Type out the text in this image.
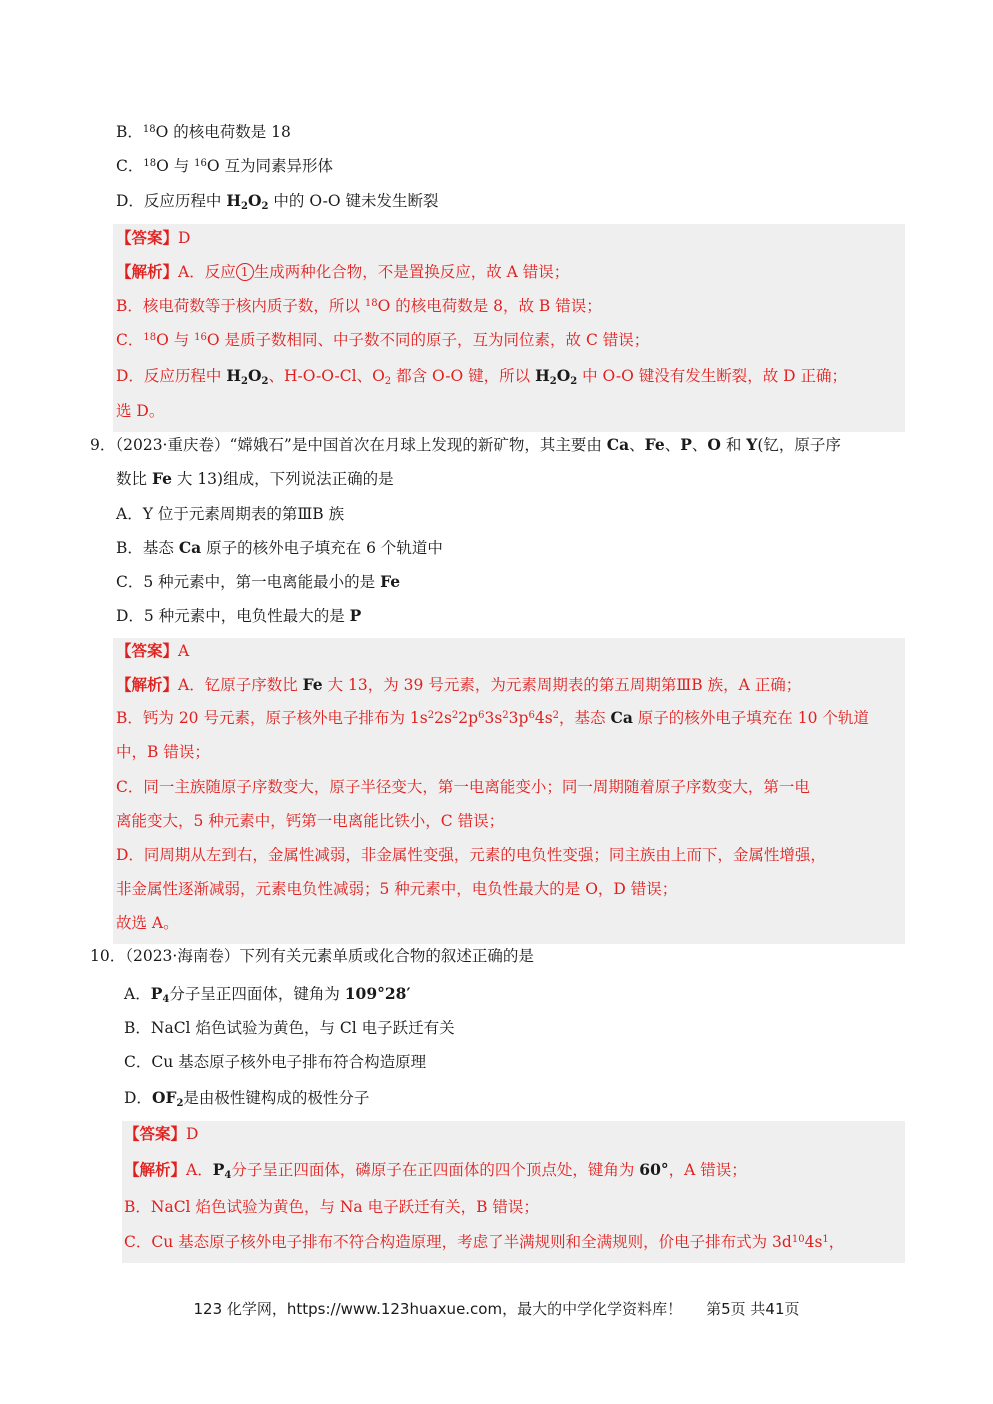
B．$^{18}$O 的核电荷数是 18
C．$^{18}$O 与 $^{16}$O 互为同素异形体
D．反应历程中 $H_2O_2$ 中的 O-O 键未发生断裂
【答案】D
【解析】A．反应 1 生成两种化合物，不是置换反应，故 A 错误；
B．核电荷数等于核内质子数，所以 $^{18}$O 的核电荷数是 8，故 B 错误；
C．$^{18}$O 与 $^{16}$O 是质子数相同、中子数不同的原子，互为同位素，故 C 错误；
D．反应历程中 $H_2O_2$、H-O-O-Cl、$O_2$ 都含 O-O 键，所以 $H_2O_2$ 中 O-O 键没有发生断裂，故 D 正确；
选 D。
9．（2023·重庆卷）“嫦娥石”是中国首次在月球上发现的新矿物，其主要由 Ca、Fe、P、O 和 Y(钇，原子序
数比 Fe 大 13)组成，下列说法正确的是
A．Y 位于元素周期表的第ⅢB 族
B．基态 Ca 原子的核外电子填充在 6 个轨道中
C．5 种元素中，第一电离能最小的是 Fe
D．5 种元素中，电负性最大的是 P
【答案】A
【解析】A．钇原子序数比 Fe 大 13，为 39 号元素，为元素周期表的第五周期第ⅢB 族，A 正确；
B．钙为 20 号元素，原子核外电子排布为 $1s^22s^22p^63s^23p^64s^2$，基态 Ca 原子的核外电子填充在 10 个轨道
中，B 错误；
C．同一主族随原子序数变大，原子半径变大，第一电离能变小；同一周期随着原子序数变大，第一电
离能变大，5 种元素中，钙第一电离能比铁小，C 错误；
D．同周期从左到右，金属性减弱，非金属性变强，元素的电负性变强；同主族由上而下，金属性增强，
非金属性逐渐减弱，元素电负性减弱；5 种元素中，电负性最大的是 O，D 错误；
故选 A。
10．（2023·海南卷）下列有关元素单质或化合物的叙述正确的是
A．$P_4$分子呈正四面体，键角为 109°28′
B．NaCl 焰色试验为黄色，与 Cl 电子跃迁有关
C．Cu 基态原子核外电子排布符合构造原理
D．$OF_2$是由极性键构成的极性分子
【答案】D
【解析】A．$P_4$分子呈正四面体，磷原子在正四面体的四个顶点处，键角为 60°，A 错误；
B．NaCl 焰色试验为黄色，与 Na 电子跃迁有关，B 错误；
C．Cu 基态原子核外电子排布不符合构造原理，考虑了半满规则和全满规则，价电子排布式为 $3d^{10}4s^1$，
123 化学网，https://www.123huaxue.com，最大的中学化学资料库！ 第5页 共41页
